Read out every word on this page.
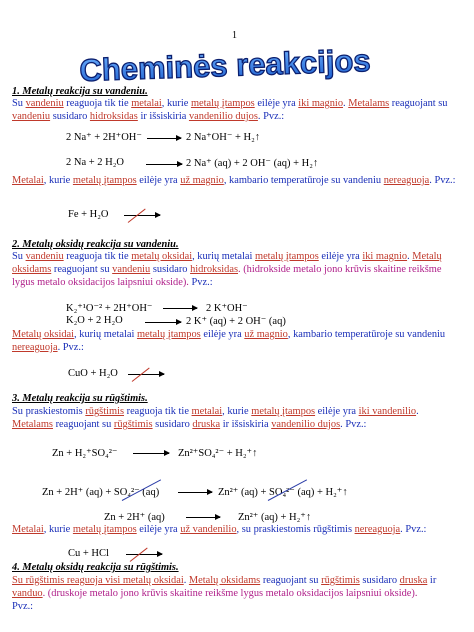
1
Cheminės reakcijos
1. Metalų reakcija su vandeniu.
Su vandeniu reaguoja tik tie metalai, kurie metalų įtampos eilėje yra iki magnio. Metalams reaguojant su vandeniu susidaro hidroksidas ir išsiskiria vandenilio dujos. Pvz.:
2 Na⁺ + 2H⁺OH⁻	2 Na⁺OH⁻ + H₂↑
2 Na + 2 H₂O	2 Na⁺ (aq) + 2 OH⁻ (aq) + H₂↑
Metalai, kurie metalų įtampos eilėje yra už magnio, kambario temperatūroje su vandeniu nereaguoja. Pvz.:
Fe + H₂O
2. Metalų oksidų reakcija su vandeniu.
Su vandeniu reaguoja tik tie metalų oksidai, kurių metalai metalų įtampos eilėje yra iki magnio. Metalų oksidams reaguojant su vandeniu susidaro hidroksidas. (hidrokside metalo jono krūvis skaitine reikšme lygus metalo oksidacijos laipsniui okside). Pvz.:
K₂⁺¹O⁻² + 2H⁺OH⁻	2 K⁺OH⁻
K₂O + 2 H₂O	2 K⁺ (aq) + 2 OH⁻ (aq)
Metalų oksidai, kurių metalai metalų įtampos eilėje yra už magnio, kambario temperatūroje su vandeniu nereaguoja. Pvz.:
CuO + H₂O
3. Metalų reakcija su rūgštimis.
Su praskiestomis rūgštimis reaguoja tik tie metalai, kurie metalų įtampos eilėje yra iki vandenilio. Metalams reaguojant su rūgštimis susidaro druska ir išsiskiria vandenilio dujos. Pvz.:
Zn + H₂⁺SO₄²⁻	Zn²⁺SO₄²⁻ + H₂⁺↑
Zn + 2H⁺ (aq) + SO₄²⁻ (aq)	Zn²⁺ (aq) + SO₄²⁻ (aq) + H₂⁺↑
Zn + 2H⁺ (aq)	Zn²⁺ (aq) + H₂⁺↑
Metalai, kurie metalų įtampos eilėje yra už vandenilio, su praskiestomis rūgštimis nereaguoja. Pvz.:
Cu + HCl
4. Metalų oksidų reakcija su rūgštimis.
Su rūgštimis reaguoja visi metalų oksidai. Metalų oksidams reaguojant su rūgštimis susidaro druska ir vanduo. (druskoje metalo jono krūvis skaitine reikšme lygus metalo oksidacijos laipsniui okside).
Pvz.:
